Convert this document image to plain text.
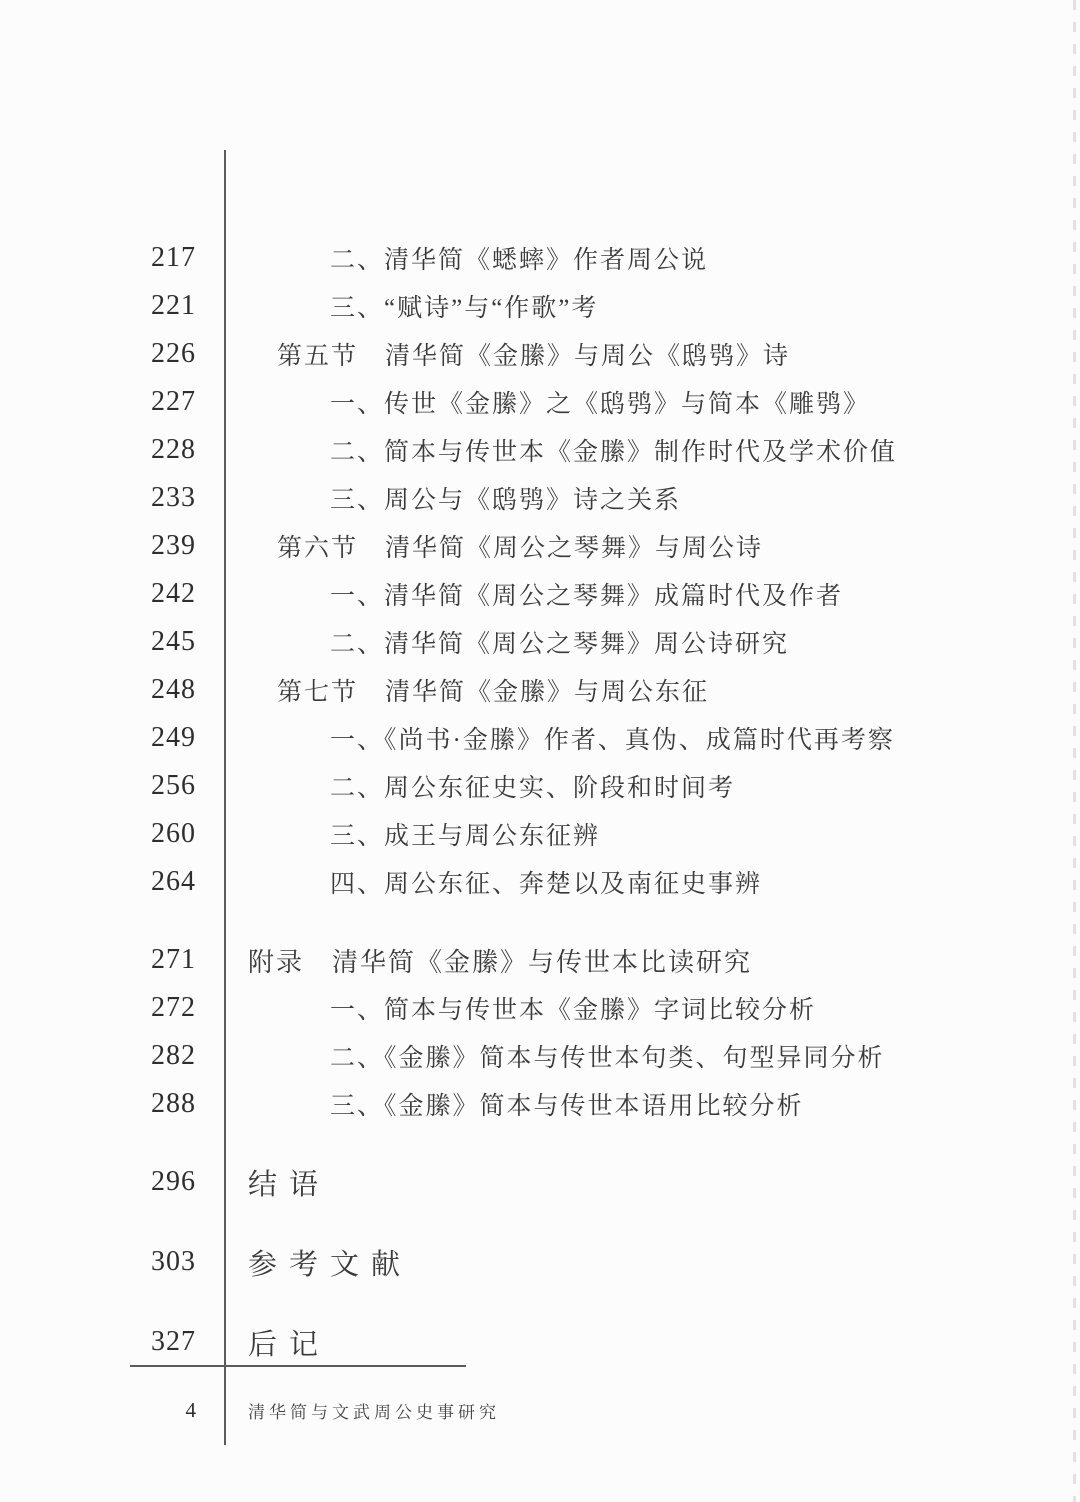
217	二、清华简《蟋蟀》作者周公说
221	三、“赋诗”与“作歌”考
226	第五节　清华简《金縢》与周公《鸱鸮》诗
227	一、传世《金縢》之《鸱鸮》与简本《雕鸮》
228	二、简本与传世本《金縢》制作时代及学术价值
233	三、周公与《鸱鸮》诗之关系
239	第六节　清华简《周公之琴舞》与周公诗
242	一、清华简《周公之琴舞》成篇时代及作者
245	二、清华简《周公之琴舞》周公诗研究
248	第七节　清华简《金縢》与周公东征
249	一、《尚书·金縢》作者、真伪、成篇时代再考察
256	二、周公东征史实、阶段和时间考
260	三、成王与周公东征辨
264	四、周公东征、奔楚以及南征史事辨
271 附录　清华简《金縢》与传世本比读研究
272	一、简本与传世本《金縢》字词比较分析
282	二、《金縢》简本与传世本句类、句型异同分析
288	三、《金縢》简本与传世本语用比较分析
296 结语
303 参考文献
327 后记
4	清华简与文武周公史事研究
